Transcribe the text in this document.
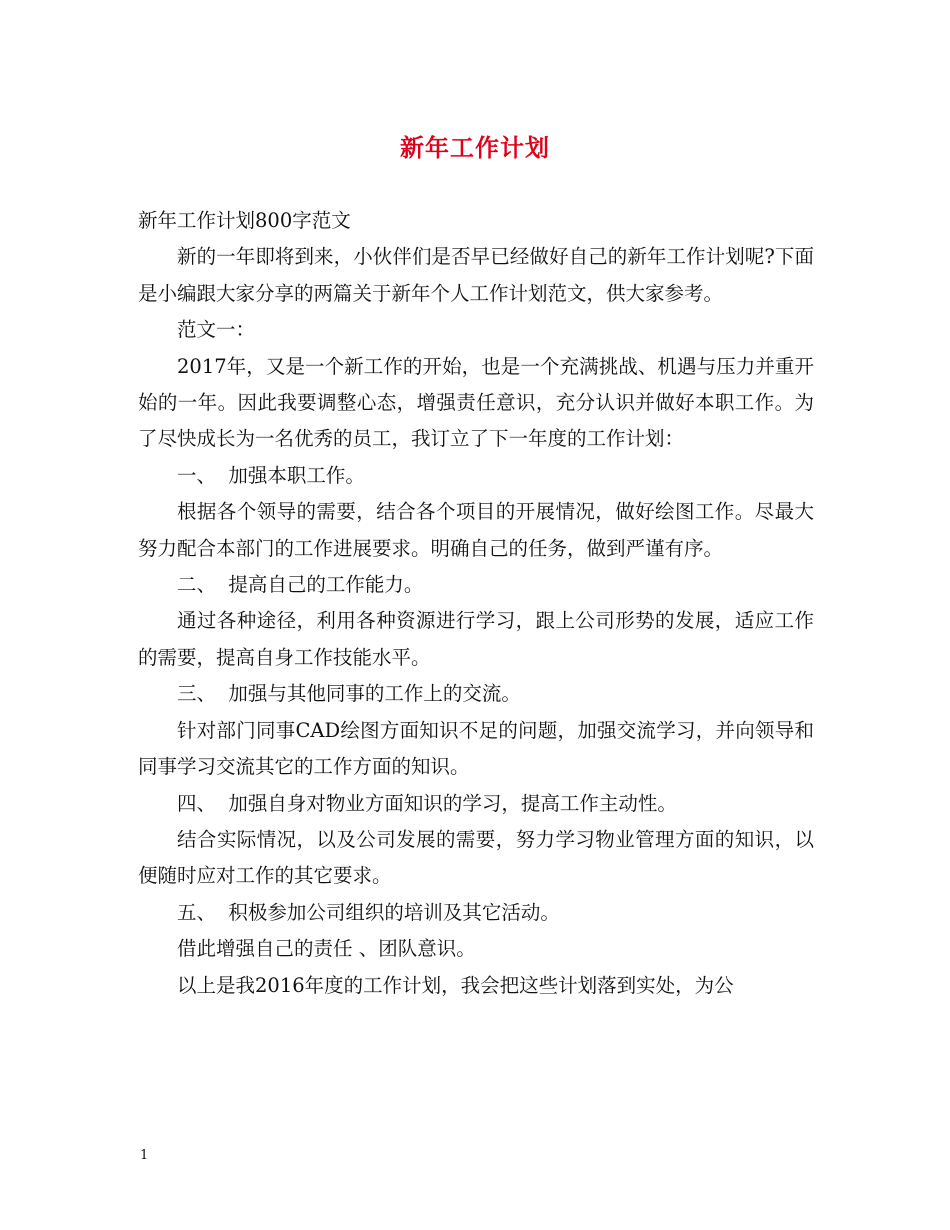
新年工作计划

新年工作计划800字范文

新的一年即将到来，小伙伴们是否早已经做好自己的新年工作计划呢?下面是小编跟大家分享的两篇关于新年个人工作计划范文，供大家参考。

范文一：

2017年，又是一个新工作的开始，也是一个充满挑战、机遇与压力并重开始的一年。因此我要调整心态，增强责任意识，充分认识并做好本职工作。为了尽快成长为一名优秀的员工，我订立了下一年度的工作计划：

一、  加强本职工作。

根据各个领导的需要，结合各个项目的开展情况，做好绘图工作。尽最大努力配合本部门的工作进展要求。明确自己的任务，做到严谨有序。

二、  提高自己的工作能力。

通过各种途径，利用各种资源进行学习，跟上公司形势的发展，适应工作的需要，提高自身工作技能水平。

三、  加强与其他同事的工作上的交流。

针对部门同事CAD绘图方面知识不足的问题，加强交流学习，并向领导和同事学习交流其它的工作方面的知识。

四、  加强自身对物业方面知识的学习，提高工作主动性。

结合实际情况，以及公司发展的需要，努力学习物业管理方面的知识，以便随时应对工作的其它要求。

五、  积极参加公司组织的培训及其它活动。

借此增强自己的责任 、团队意识。

以上是我2016年度的工作计划，我会把这些计划落到实处，为公

1
